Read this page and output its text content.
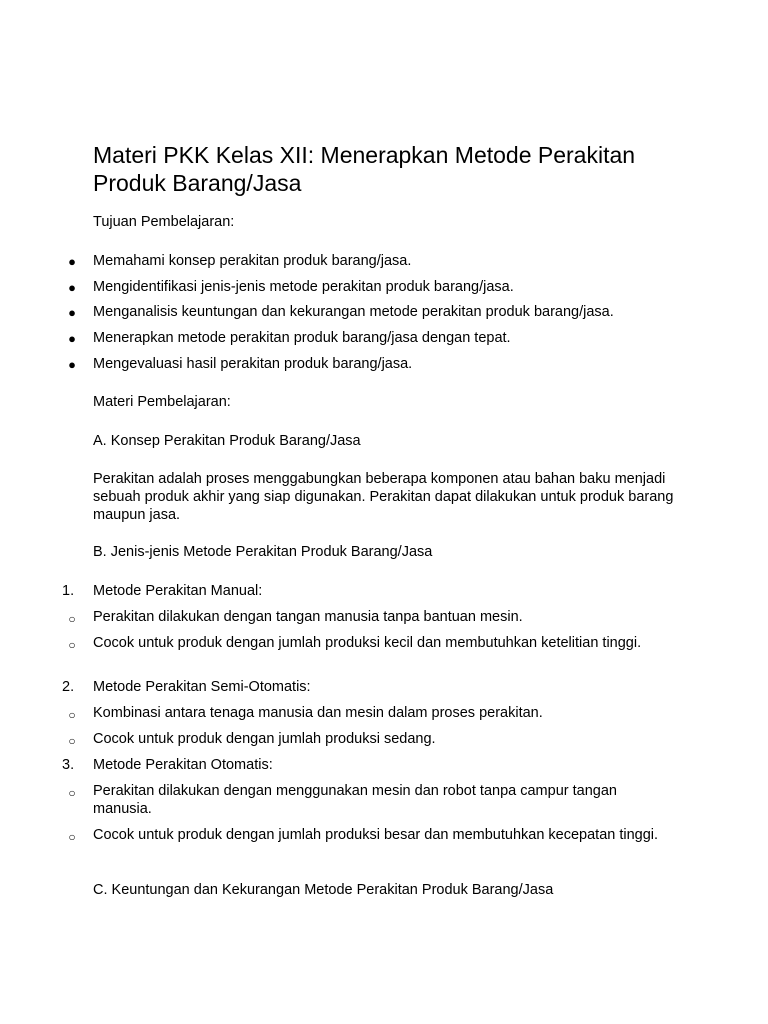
Materi PKK Kelas XII: Menerapkan Metode Perakitan Produk Barang/Jasa

Tujuan Pembelajaran:

●	Memahami konsep perakitan produk barang/jasa.
●	Mengidentifikasi jenis-jenis metode perakitan produk barang/jasa.
●	Menganalisis keuntungan dan kekurangan metode perakitan produk barang/jasa.
●	Menerapkan metode perakitan produk barang/jasa dengan tepat.
●	Mengevaluasi hasil perakitan produk barang/jasa.

Materi Pembelajaran:

A. Konsep Perakitan Produk Barang/Jasa

Perakitan adalah proses menggabungkan beberapa komponen atau bahan baku menjadi sebuah produk akhir yang siap digunakan. Perakitan dapat dilakukan untuk produk barang maupun jasa.

B. Jenis-jenis Metode Perakitan Produk Barang/Jasa

1.	Metode Perakitan Manual:
○	Perakitan dilakukan dengan tangan manusia tanpa bantuan mesin.
○	Cocok untuk produk dengan jumlah produksi kecil dan membutuhkan ketelitian tinggi.
2.	Metode Perakitan Semi-Otomatis:
○	Kombinasi antara tenaga manusia dan mesin dalam proses perakitan.
○	Cocok untuk produk dengan jumlah produksi sedang.
3.	Metode Perakitan Otomatis:
○	Perakitan dilakukan dengan menggunakan mesin dan robot tanpa campur tangan manusia.
○	Cocok untuk produk dengan jumlah produksi besar dan membutuhkan kecepatan tinggi.

C. Keuntungan dan Kekurangan Metode Perakitan Produk Barang/Jasa
